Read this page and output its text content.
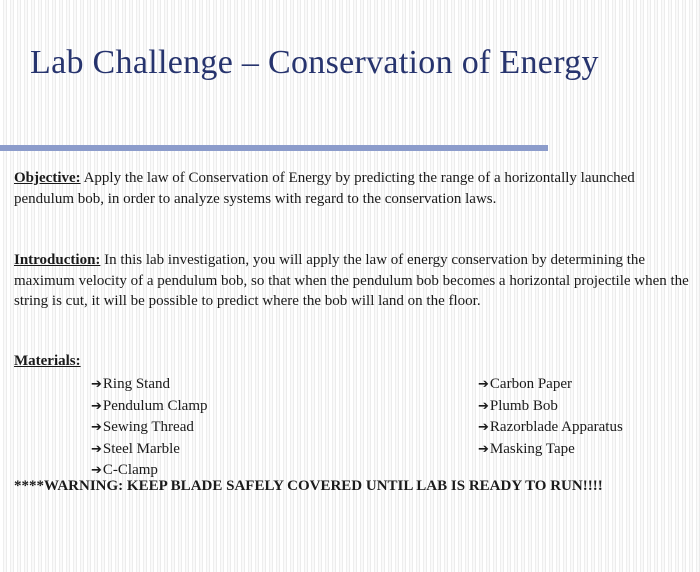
Lab Challenge – Conservation of Energy

Objective: Apply the law of Conservation of Energy by predicting the range of a horizontally launched pendulum bob, in order to analyze systems with regard to the conservation laws.

Introduction: In this lab investigation, you will apply the law of energy conservation by determining the maximum velocity of a pendulum bob, so that when the pendulum bob becomes a horizontal projectile when the string is cut, it will be possible to predict where the bob will land on the floor.

Materials:

➔Ring Stand
➔Pendulum Clamp
➔Sewing Thread
➔Steel Marble
➔C-Clamp
➔Carbon Paper
➔Plumb Bob
➔Razorblade Apparatus
➔Masking Tape

****WARNING: KEEP BLADE SAFELY COVERED UNTIL LAB IS READY TO RUN!!!!
